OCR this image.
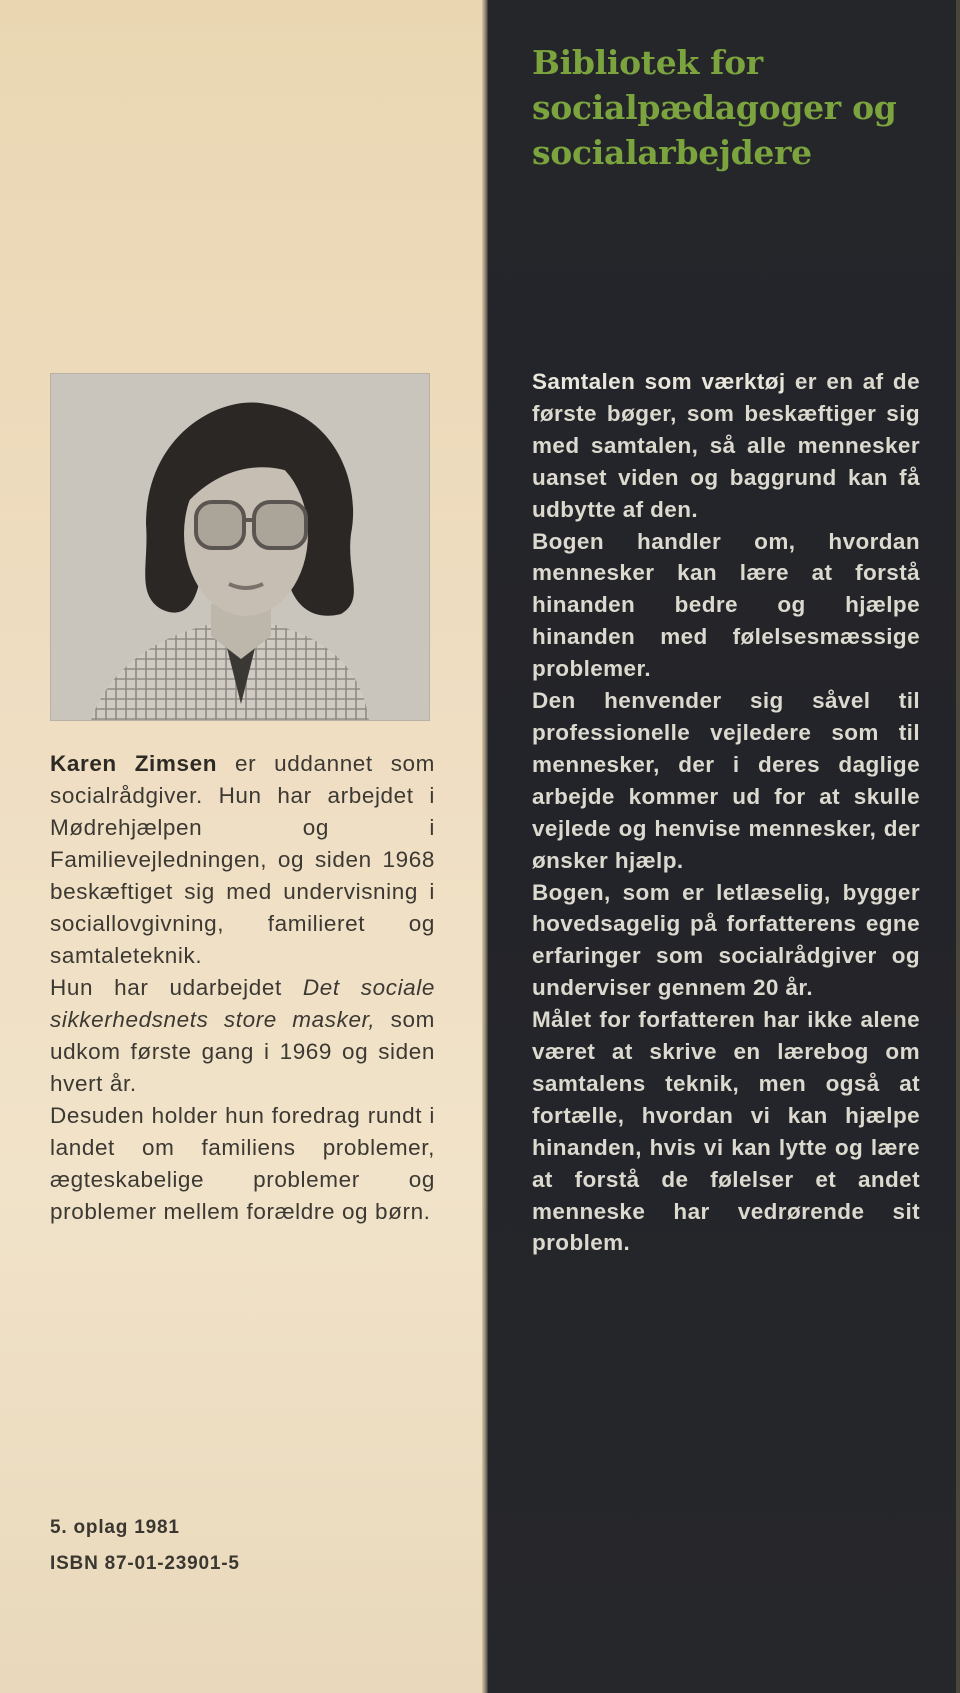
Bibliotek for
socialpædagoger og
socialarbejdere

Karen Zimsen er uddannet som socialrådgiver. Hun har arbejdet i Mødrehjælpen og i Familievejledningen, og siden 1968 beskæftiget sig med undervisning i sociallovgivning, familieret og samtaleteknik.

Hun har udarbejdet Det sociale sikkerhedsnets store masker, som udkom første gang i 1969 og siden hvert år.

Desuden holder hun foredrag rundt i landet om familiens problemer, ægteskabelige problemer og problemer mellem forældre og børn.

5. oplag 1981
ISBN 87-01-23901-5

Samtalen som værktøj er en af de første bøger, som beskæftiger sig med samtalen, så alle mennesker uanset viden og baggrund kan få udbytte af den.

Bogen handler om, hvordan mennesker kan lære at forstå hinanden bedre og hjælpe hinanden med følelsesmæssige problemer.

Den henvender sig såvel til professionelle vejledere som til mennesker, der i deres daglige arbejde kommer ud for at skulle vejlede og henvise mennesker, der ønsker hjælp.

Bogen, som er letlæselig, bygger hovedsagelig på forfatterens egne erfaringer som socialrådgiver og underviser gennem 20 år.

Målet for forfatteren har ikke alene været at skrive en lærebog om samtalens teknik, men også at fortælle, hvordan vi kan hjælpe hinanden, hvis vi kan lytte og lære at forstå de følelser et andet menneske har vedrørende sit problem.
